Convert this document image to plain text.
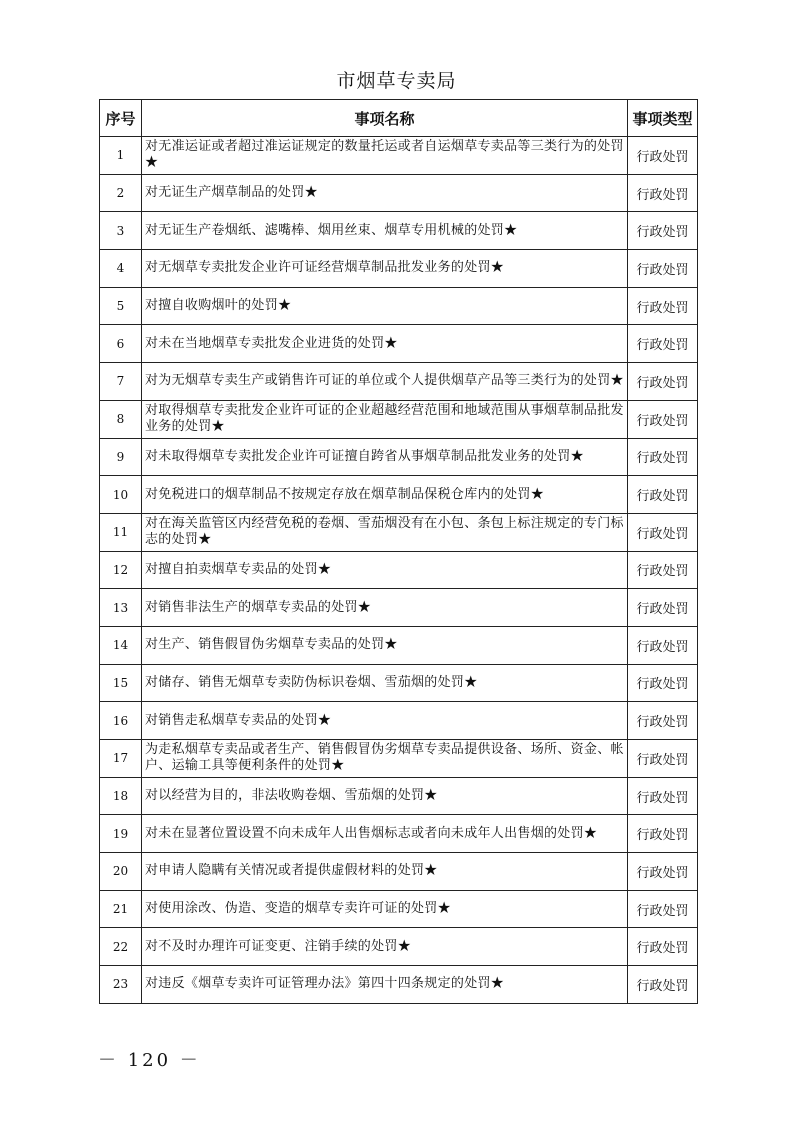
市烟草专卖局
序号	事项名称	事项类型
1	对无准运证或者超过准运证规定的数量托运或者自运烟草专卖品等三类行为的处罚 ★	行政处罚
2	对无证生产烟草制品的处罚★	行政处罚
3	对无证生产卷烟纸、滤嘴棒、烟用丝束、烟草专用机械的处罚★	行政处罚
4	对无烟草专卖批发企业许可证经营烟草制品批发业务的处罚★	行政处罚
5	对擅自收购烟叶的处罚★	行政处罚
6	对未在当地烟草专卖批发企业进货的处罚★	行政处罚
7	对为无烟草专卖生产或销售许可证的单位或个人提供烟草产品等三类行为的处罚★	行政处罚
8	对取得烟草专卖批发企业许可证的企业超越经营范围和地域范围从事烟草制品批发业务的处罚★	行政处罚
9	对未取得烟草专卖批发企业许可证擅自跨省从事烟草制品批发业务的处罚★	行政处罚
10	对免税进口的烟草制品不按规定存放在烟草制品保税仓库内的处罚★	行政处罚
11	对在海关监管区内经营免税的卷烟、雪茄烟没有在小包、条包上标注规定的专门标志的处罚★	行政处罚
12	对擅自拍卖烟草专卖品的处罚★	行政处罚
13	对销售非法生产的烟草专卖品的处罚★	行政处罚
14	对生产、销售假冒伪劣烟草专卖品的处罚★	行政处罚
15	对储存、销售无烟草专卖防伪标识卷烟、雪茄烟的处罚★	行政处罚
16	对销售走私烟草专卖品的处罚★	行政处罚
17	为走私烟草专卖品或者生产、销售假冒伪劣烟草专卖品提供设备、场所、资金、帐户、运输工具等便利条件的处罚★	行政处罚
18	对以经营为目的，非法收购卷烟、雪茄烟的处罚★	行政处罚
19	对未在显著位置设置不向未成年人出售烟标志或者向未成年人出售烟的处罚★	行政处罚
20	对申请人隐瞒有关情况或者提供虚假材料的处罚★	行政处罚
21	对使用涂改、伪造、变造的烟草专卖许可证的处罚★	行政处罚
22	对不及时办理许可证变更、注销手续的处罚★	行政处罚
23	对违反《烟草专卖许可证管理办法》第四十四条规定的处罚★	行政处罚
－ 120 －
